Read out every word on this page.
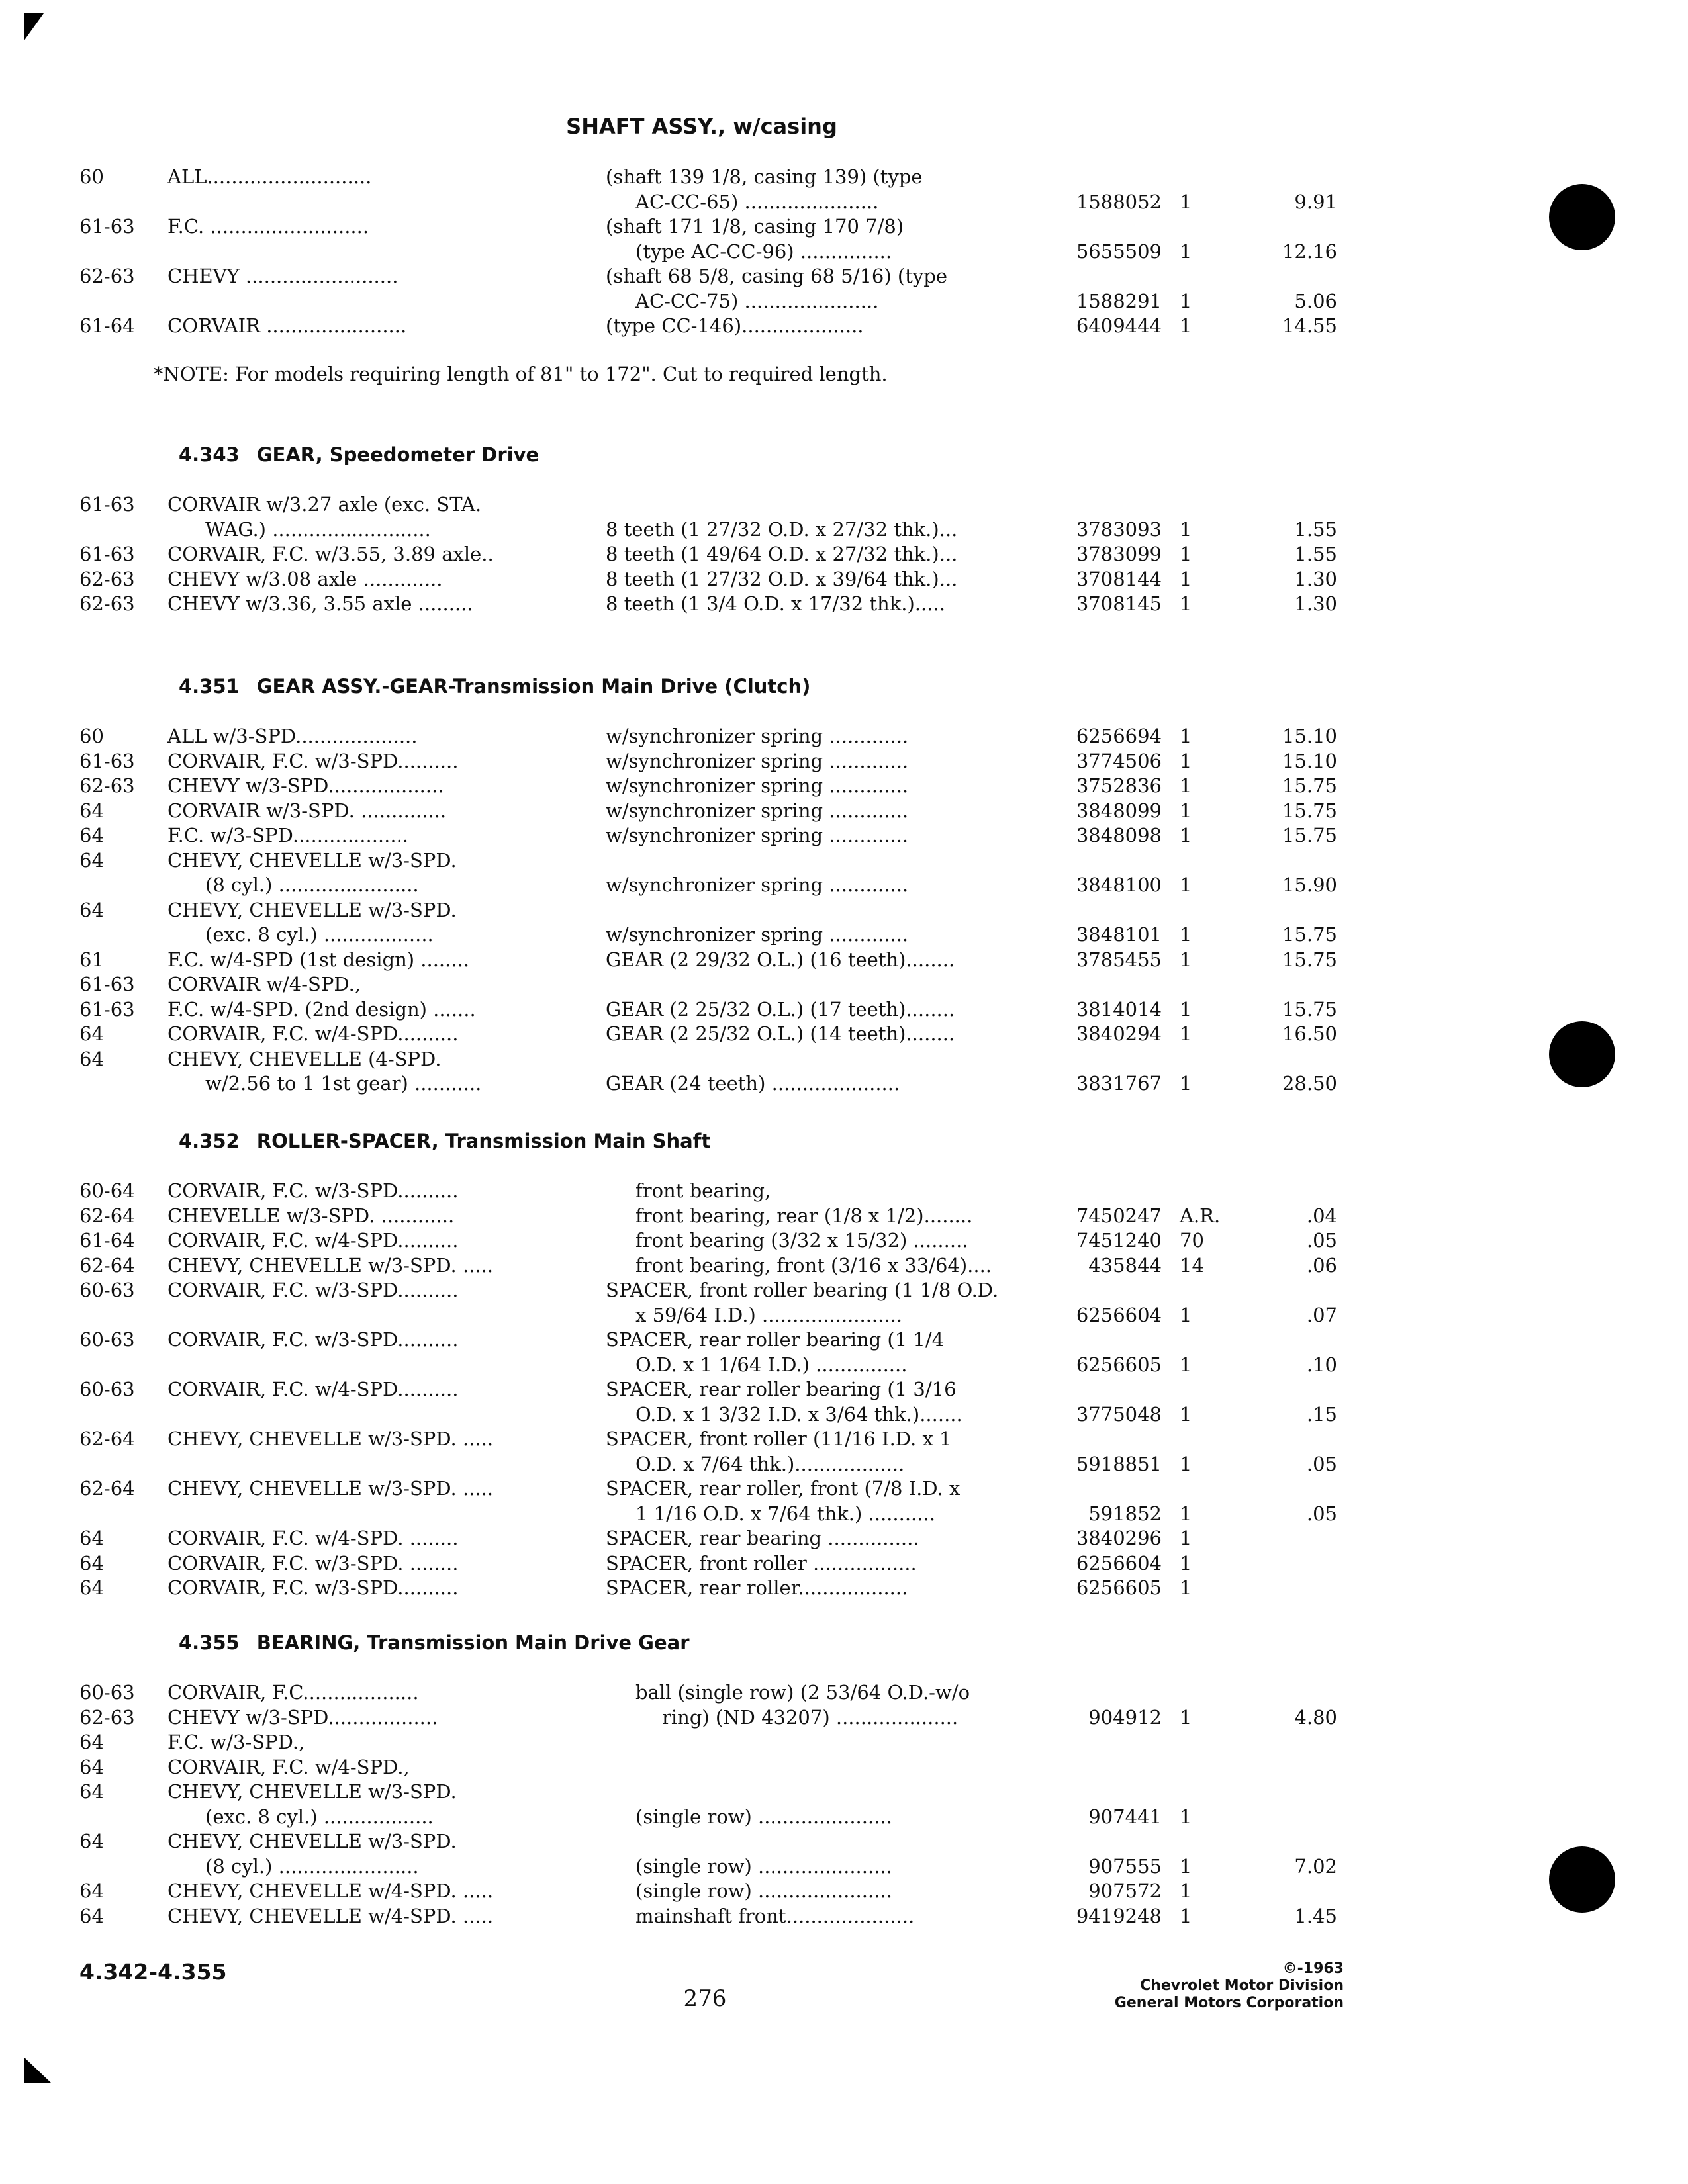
SHAFT ASSY., w/casing
60	ALL...........................	(shaft 139 1/8, casing 139) (type
AC-CC-65) ......................	1588052 1	9.91
61-63 F.C. ..........................	(shaft 171 1/8, casing 170 7/8)
(type AC-CC-96) ...............	5655509 1	12.16
62-63 CHEVY .........................	(shaft 68 5/8, casing 68 5/16) (type
AC-CC-75) ......................	1588291 1	5.06
61-64 CORVAIR .......................	(type CC-146)....................	6409444 1	14.55
*NOTE: For models requiring length of 81" to 172". Cut to required length.
4.343 GEAR, Speedometer Drive
61-63 CORVAIR w/3.27 axle (exc. STA.
WAG.) ..........................	8 teeth (1 27/32 O.D. x 27/32 thk.)...	3783093 1	1.55
61-63 CORVAIR, F.C. w/3.55, 3.89 axle..	8 teeth (1 49/64 O.D. x 27/32 thk.)...	3783099 1	1.55
62-63 CHEVY w/3.08 axle .............	8 teeth (1 27/32 O.D. x 39/64 thk.)...	3708144 1	1.30
62-63 CHEVY w/3.36, 3.55 axle .........	8 teeth (1 3/4 O.D. x 17/32 thk.).....	3708145 1	1.30
4.351 GEAR ASSY.-GEAR-Transmission Main Drive (Clutch)
60	ALL w/3-SPD....................	w/synchronizer spring .............	6256694 1	15.10
61-63 CORVAIR, F.C. w/3-SPD..........	w/synchronizer spring .............	3774506 1	15.10
62-63 CHEVY w/3-SPD...................	w/synchronizer spring .............	3752836 1	15.75
64	CORVAIR w/3-SPD. ..............	w/synchronizer spring .............	3848099 1	15.75
64	F.C. w/3-SPD...................	w/synchronizer spring .............	3848098 1	15.75
64	CHEVY, CHEVELLE w/3-SPD.
(8 cyl.) .......................	w/synchronizer spring .............	3848100 1	15.90
64	CHEVY, CHEVELLE w/3-SPD.
(exc. 8 cyl.) ..................	w/synchronizer spring .............	3848101 1	15.75
61	F.C. w/4-SPD (1st design) ........	GEAR (2 29/32 O.L.) (16 teeth)........	3785455 1	15.75
61-63 CORVAIR w/4-SPD.,
61-63 F.C. w/4-SPD. (2nd design) .......	GEAR (2 25/32 O.L.) (17 teeth)........	3814014 1	15.75
64	CORVAIR, F.C. w/4-SPD..........	GEAR (2 25/32 O.L.) (14 teeth)........	3840294 1	16.50
64	CHEVY, CHEVELLE (4-SPD.
w/2.56 to 1 1st gear) ...........	GEAR (24 teeth) .....................	3831767 1	28.50
4.352 ROLLER-SPACER, Transmission Main Shaft
60-64 CORVAIR, F.C. w/3-SPD..........	front bearing,
62-64 CHEVELLE w/3-SPD. ............	front bearing, rear (1/8 x 1/2)........	7450247 A.R.	.04
61-64 CORVAIR, F.C. w/4-SPD..........	front bearing (3/32 x 15/32) .........	7451240 70	.05
62-64 CHEVY, CHEVELLE w/3-SPD. .....	front bearing, front (3/16 x 33/64)....	435844 14	.06
60-63 CORVAIR, F.C. w/3-SPD..........	SPACER, front roller bearing (1 1/8 O.D.
x 59/64 I.D.) .......................	6256604 1	.07
60-63 CORVAIR, F.C. w/3-SPD..........	SPACER, rear roller bearing (1 1/4
O.D. x 1 1/64 I.D.) ...............	6256605 1	.10
60-63 CORVAIR, F.C. w/4-SPD..........	SPACER, rear roller bearing (1 3/16
O.D. x 1 3/32 I.D. x 3/64 thk.).......	3775048 1	.15
62-64 CHEVY, CHEVELLE w/3-SPD. .....	SPACER, front roller (11/16 I.D. x 1
O.D. x 7/64 thk.)..................	5918851 1	.05
62-64 CHEVY, CHEVELLE w/3-SPD. .....	SPACER, rear roller, front (7/8 I.D. x
1 1/16 O.D. x 7/64 thk.) ...........	591852 1	.05
64	CORVAIR, F.C. w/4-SPD. ........	SPACER, rear bearing ...............	3840296 1
64	CORVAIR, F.C. w/3-SPD. ........	SPACER, front roller .................	6256604 1
64	CORVAIR, F.C. w/3-SPD..........	SPACER, rear roller..................	6256605 1
4.355 BEARING, Transmission Main Drive Gear
60-63 CORVAIR, F.C...................	ball (single row) (2 53/64 O.D.-w/o
62-63 CHEVY w/3-SPD..................	ring) (ND 43207) ....................	904912 1	4.80
64	F.C. w/3-SPD.,
64	CORVAIR, F.C. w/4-SPD.,
64	CHEVY, CHEVELLE w/3-SPD.
(exc. 8 cyl.) ..................	(single row) ......................	907441 1
64	CHEVY, CHEVELLE w/3-SPD.
(8 cyl.) .......................	(single row) ......................	907555 1	7.02
64	CHEVY, CHEVELLE w/4-SPD. .....	(single row) ......................	907572 1
64	CHEVY, CHEVELLE w/4-SPD. .....	mainshaft front.....................	9419248 1	1.45
4.342-4.355
276
©-1963
Chevrolet Motor Division
General Motors Corporation
